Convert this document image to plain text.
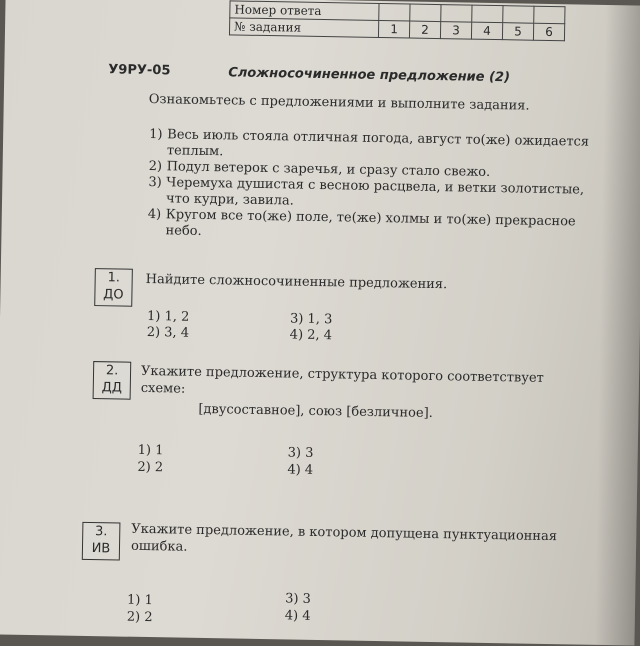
Номер ответа						
№ задания	1	2	3	4	5	6
У9РУ-05	Сложносочиненное предложение (2)
Ознакомьтесь с предложениями и выполните задания.
1) Весь июль стояла отличная погода, август то(же) ожидается теплым.
2) Подул ветерок с заречья, и сразу стало свежо.
3) Черемуха душистая с весною расцвела, и ветки золотистые, что кудри, завила.
4) Кругом все то(же) поле, те(же) холмы и то(же) прекрасное небо.
1.
ДО
Найдите сложносочиненные предложения.
1) 1, 2
2) 3, 4
3) 1, 3
4) 2, 4
2.
ДД
Укажите предложение, структура которого соответствует схеме:
[двусоставное], союз [безличное].
1) 1
2) 2
3) 3
4) 4
3.
ИВ
Укажите предложение, в котором допущена пунктуационная ошибка.
1) 1
2) 2
3) 3
4) 4
